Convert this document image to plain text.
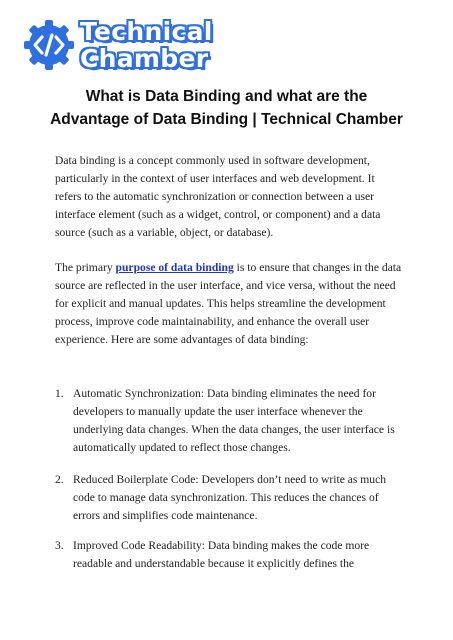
Technical
Chamber
What is Data Binding and what are the
Advantage of Data Binding | Technical Chamber
Data binding is a concept commonly used in software development, particularly in the context of user interfaces and web development. It refers to the automatic synchronization or connection between a user interface element (such as a widget, control, or component) and a data source (such as a variable, object, or database).
The primary purpose of data binding is to ensure that changes in the data source are reflected in the user interface, and vice versa, without the need for explicit and manual updates. This helps streamline the development process, improve code maintainability, and enhance the overall user experience. Here are some advantages of data binding:
1. Automatic Synchronization: Data binding eliminates the need for developers to manually update the user interface whenever the underlying data changes. When the data changes, the user interface is automatically updated to reflect those changes.
2. Reduced Boilerplate Code: Developers don’t need to write as much code to manage data synchronization. This reduces the chances of errors and simplifies code maintenance.
3. Improved Code Readability: Data binding makes the code more readable and understandable because it explicitly defines the
